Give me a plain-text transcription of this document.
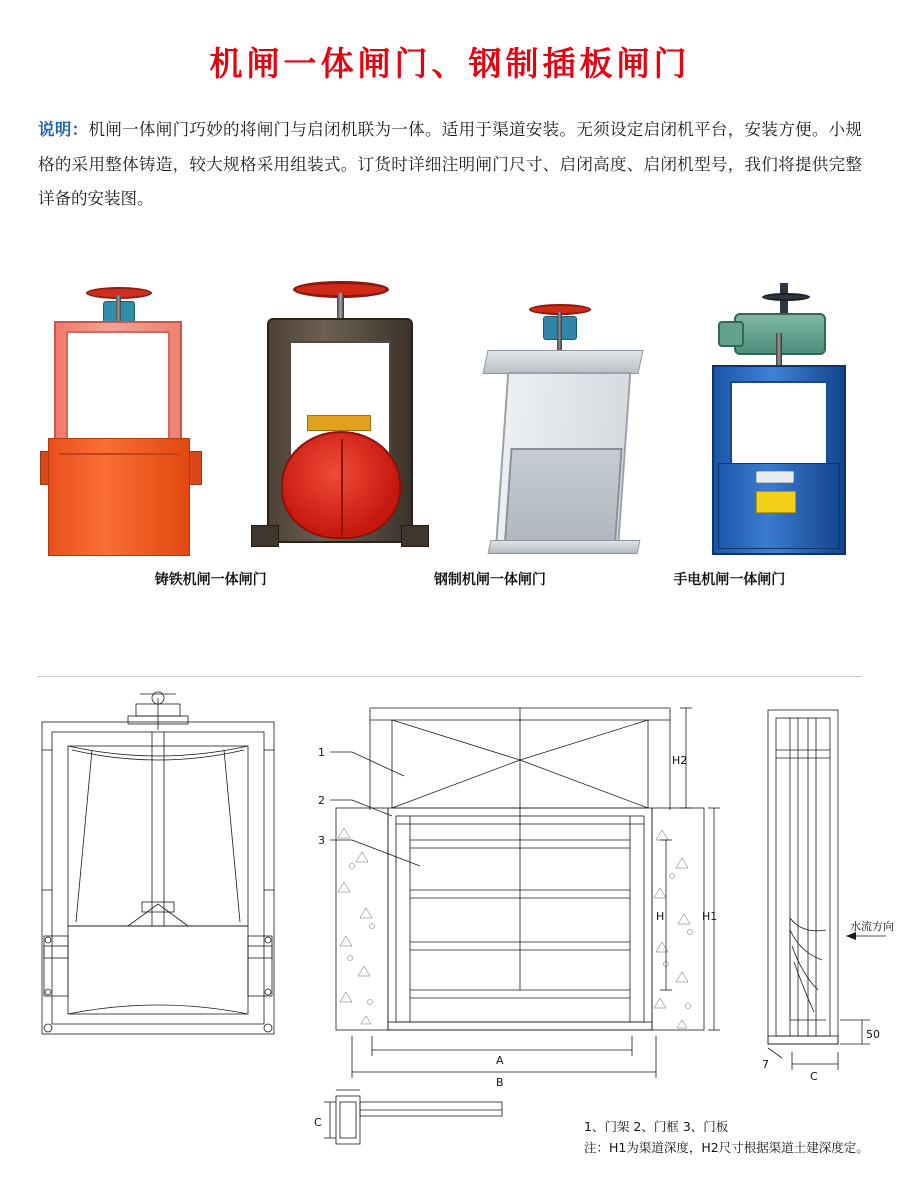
机闸一体闸门、钢制插板闸门
说明：机闸一体闸门巧妙的将闸门与启闭机联为一体。适用于渠道安装。无须设定启闭机平台，安装方便。小规格的采用整体铸造，较大规格采用组装式。订货时详细注明闸门尺寸、启闭高度、启闭机型号，我们将提供完整详备的安装图。
铸铁机闸一体闸门	钢制机闸一体闸门	手电机闸一体闸门
1
2
3
H2
H	H1
A
B
C
水流方向
50
7
C
1、门架 2、门框 3、门板
注：H1为渠道深度，H2尺寸根据渠道土建深度定。
